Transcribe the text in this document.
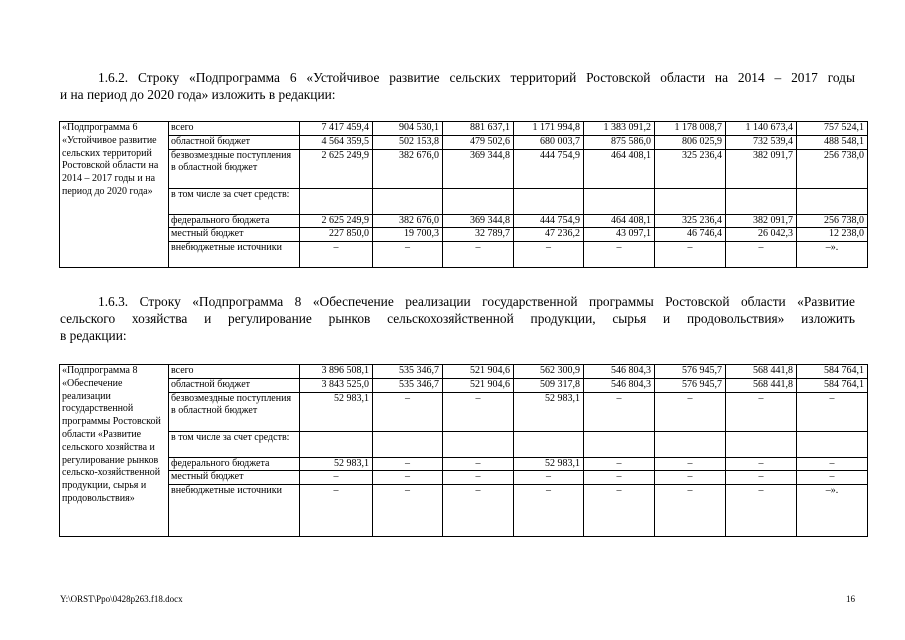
1.6.2. Строку «Подпрограмма 6 «Устойчивое развитие сельских территорий Ростовской области на 2014 – 2017 годы
и на период до 2020 года» изложить в редакции:

«Подпрограмма 6 «Устойчивое развитие сельских территорий Ростовской области на 2014 – 2017 годы и на период до 2020 года»	всего	7 417 459,4	904 530,1	881 637,1	1 171 994,8	1 383 091,2	1 178 008,7	1 140 673,4	757 524,1
	областной бюджет	4 564 359,5	502 153,8	479 502,6	680 003,7	875 586,0	806 025,9	732 539,4	488 548,1
	безвозмездные поступления в областной бюджет	2 625 249,9	382 676,0	369 344,8	444 754,9	464 408,1	325 236,4	382 091,7	256 738,0
	в том числе за счет средств:								
	федерального бюджета	2 625 249,9	382 676,0	369 344,8	444 754,9	464 408,1	325 236,4	382 091,7	256 738,0
	местный бюджет	227 850,0	19 700,3	32 789,7	47 236,2	43 097,1	46 746,4	26 042,3	12 238,0
	внебюджетные источники	–	–	–	–	–	–	–	–».

1.6.3. Строку «Подпрограмма 8 «Обеспечение реализации государственной программы Ростовской области «Развитие
сельского хозяйства и регулирование рынков сельскохозяйственной продукции, сырья и продовольствия» изложить
в редакции:

«Подпрограмма 8 «Обеспечение реализации государственной программы Ростовской области «Развитие сельского хозяйства и регулирование рынков сельско-хозяйственной продукции, сырья и продовольствия»	всего	3 896 508,1	535 346,7	521 904,6	562 300,9	546 804,3	576 945,7	568 441,8	584 764,1
	областной бюджет	3 843 525,0	535 346,7	521 904,6	509 317,8	546 804,3	576 945,7	568 441,8	584 764,1
	безвозмездные поступления в областной бюджет	52 983,1	–	–	52 983,1	–	–	–	–
	в том числе за счет средств:								
	федерального бюджета	52 983,1	–	–	52 983,1	–	–	–	–
	местный бюджет	–	–	–	–	–	–	–	–
	внебюджетные источники	–	–	–	–	–	–	–	–».
Y:\ORST\Ppo\0428p263.f18.docx	16
